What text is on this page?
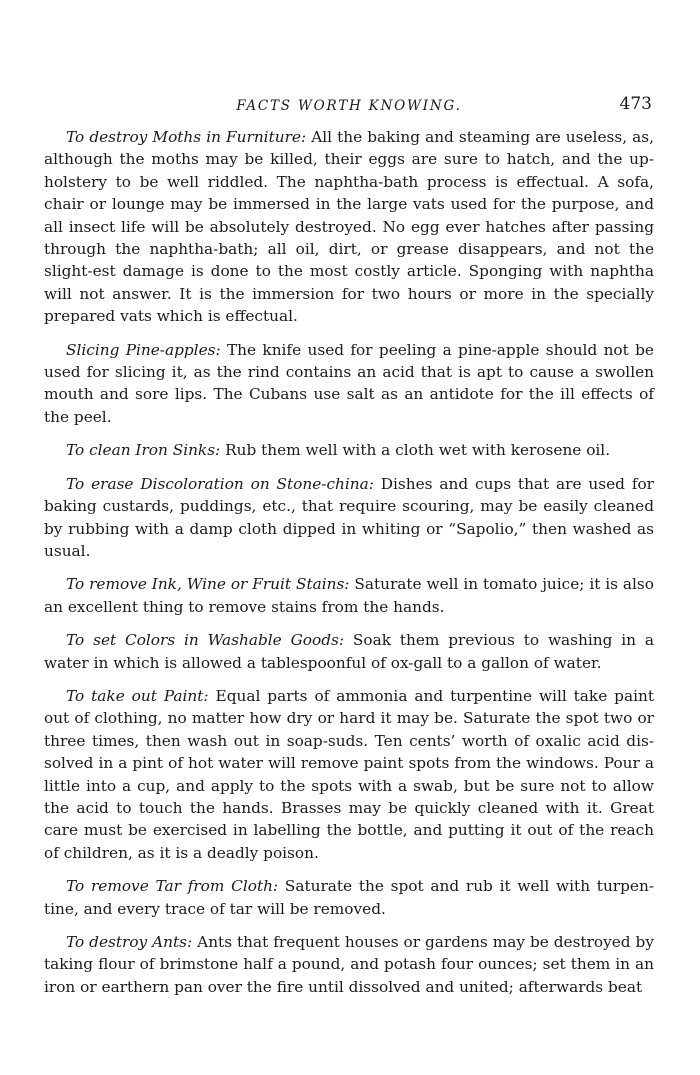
FACTS WORTH KNOWING.	473

To destroy Moths in Furniture: All the baking and steaming are useless, as, although the moths may be killed, their eggs are sure to hatch, and the up-holstery to be well riddled. The naphtha-bath process is effectual. A sofa, chair or lounge may be immersed in the large vats used for the purpose, and all insect life will be absolutely destroyed. No egg ever hatches after passing through the naphtha-bath; all oil, dirt, or grease disappears, and not the slight-est damage is done to the most costly article. Sponging with naphtha will not answer. It is the immersion for two hours or more in the specially prepared vats which is effectual.

Slicing Pine-apples: The knife used for peeling a pine-apple should not be used for slicing it, as the rind contains an acid that is apt to cause a swollen mouth and sore lips. The Cubans use salt as an antidote for the ill effects of the peel.

To clean Iron Sinks: Rub them well with a cloth wet with kerosene oil.

To erase Discoloration on Stone-china: Dishes and cups that are used for baking custards, puddings, etc., that require scouring, may be easily cleaned by rubbing with a damp cloth dipped in whiting or “Sapolio,” then washed as usual.

To remove Ink, Wine or Fruit Stains: Saturate well in tomato juice; it is also an excellent thing to remove stains from the hands.

To set Colors in Washable Goods: Soak them previous to washing in a water in which is allowed a tablespoonful of ox-gall to a gallon of water.

To take out Paint: Equal parts of ammonia and turpentine will take paint out of clothing, no matter how dry or hard it may be. Saturate the spot two or three times, then wash out in soap-suds. Ten cents’ worth of oxalic acid dis-solved in a pint of hot water will remove paint spots from the windows. Pour a little into a cup, and apply to the spots with a swab, but be sure not to allow the acid to touch the hands. Brasses may be quickly cleaned with it. Great care must be exercised in labelling the bottle, and putting it out of the reach of children, as it is a deadly poison.

To remove Tar from Cloth: Saturate the spot and rub it well with turpen-tine, and every trace of tar will be removed.

To destroy Ants: Ants that frequent houses or gardens may be destroyed by taking flour of brimstone half a pound, and potash four ounces; set them in an iron or earthern pan over the fire until dissolved and united; afterwards beat
